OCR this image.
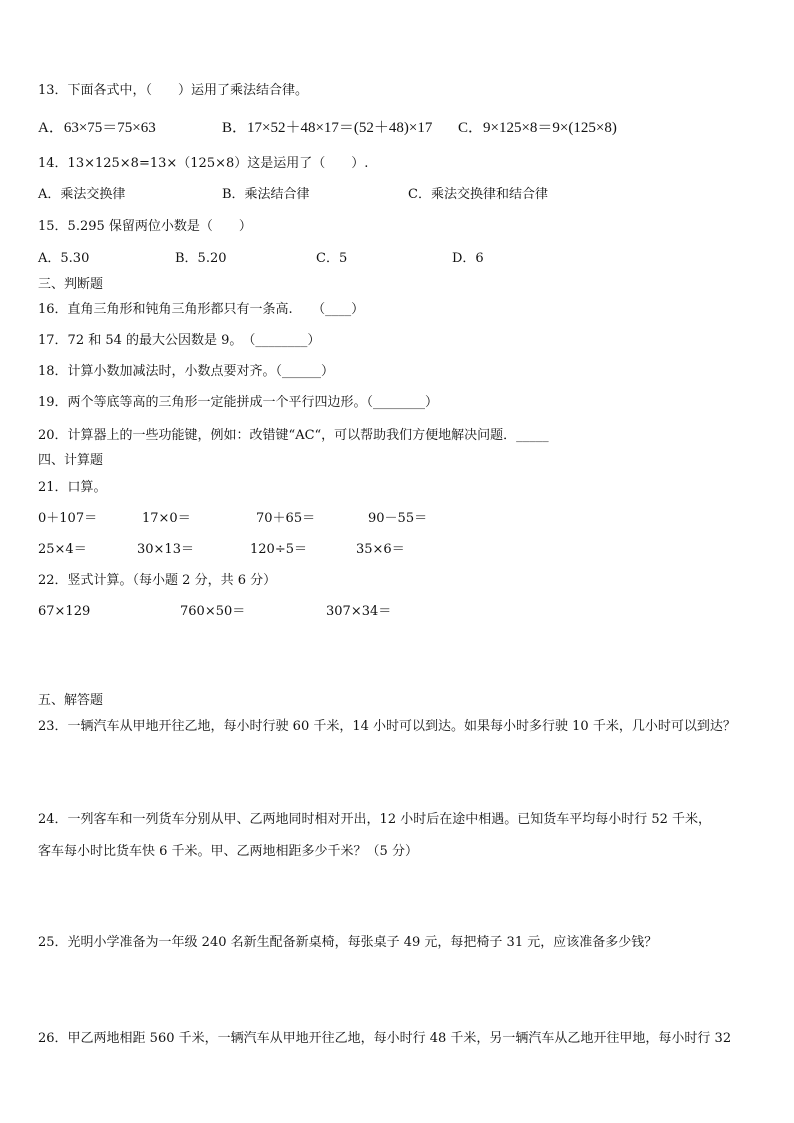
13．下面各式中，（　　）运用了乘法结合律。
A．63×75＝75×63	B．17×52＋48×17＝(52＋48)×17 C．9×125×8＝9×(125×8)
14．13×125×8=13×（125×8）这是运用了（　　）.
A．乘法交换律	B．乘法结合律	C．乘法交换律和结合律
15．5.295 保留两位小数是（　　）
A．5.30	B．5.20	C．5	D．6
三、判断题
16．直角三角形和钝角三角形都只有一条高.　　（____）
17．72 和 54 的最大公因数是 9。　（________）
18．计算小数加减法时，小数点要对齐。（______）
19．两个等底等高的三角形一定能拼成一个平行四边形。（________）
20．计算器上的一些功能键，例如：改错键“AC“，可以帮助我们方便地解决问题．_____
四、计算题
21．口算。
0＋107＝	17×0＝	70＋65＝	90－55＝
25×4＝	30×13＝	120÷5＝	35×6＝
22．竖式计算。（每小题 2 分，共 6 分）
67×129	760×50＝	307×34＝
五、解答题
23．一辆汽车从甲地开往乙地，每小时行驶 60 千米，14 小时可以到达。如果每小时多行驶 10 千米，几小时可以到达？
24．一列客车和一列货车分别从甲、乙两地同时相对开出，12 小时后在途中相遇。已知货车平均每小时行 52 千米，
客车每小时比货车快 6 千米。甲、乙两地相距多少千米？（5 分）
25．光明小学准备为一年级 240 名新生配备新桌椅，每张桌子 49 元，每把椅子 31 元，应该准备多少钱？
26．甲乙两地相距 560 千米，一辆汽车从甲地开往乙地，每小时行 48 千米，另一辆汽车从乙地开往甲地，每小时行 32
